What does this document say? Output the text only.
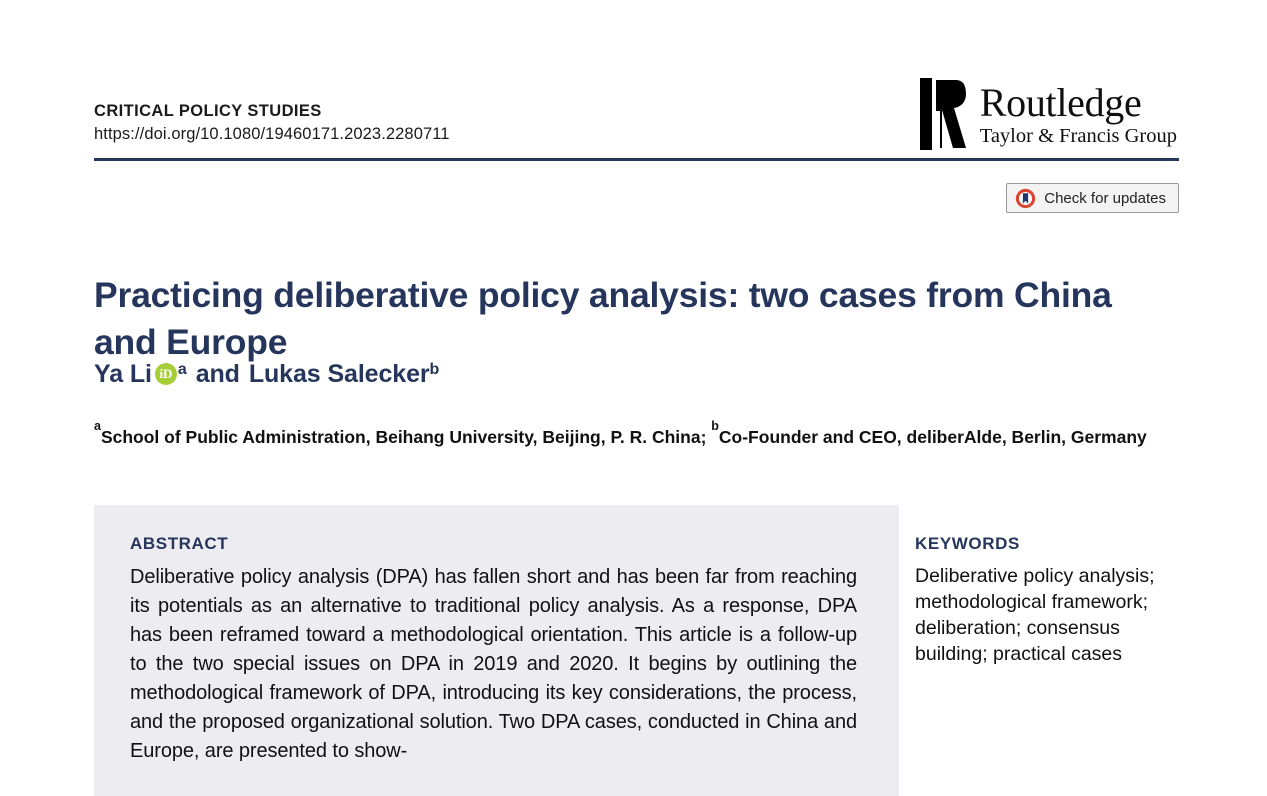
CRITICAL POLICY STUDIES
https://doi.org/10.1080/19460171.2023.2280711
Routledge
Taylor & Francis Group
Check for updates
Practicing deliberative policy analysis: two cases from China and Europe
Ya Li iD a and Lukas Salecker b
$^a$School of Public Administration, Beihang University, Beijing, P. R. China; $^b$Co-Founder and CEO, deliberAlde, Berlin, Germany
ABSTRACT
Deliberative policy analysis (DPA) has fallen short and has been far from reaching its potentials as an alternative to traditional policy analysis. As a response, DPA has been reframed toward a methodological orientation. This article is a follow-up to the two special issues on DPA in 2019 and 2020. It begins by outlining the methodological framework of DPA, introducing its key considerations, the process, and the proposed organizational solution. Two DPA cases, conducted in China and Europe, are presented to show-
KEYWORDS
Deliberative policy analysis; methodological framework; deliberation; consensus building; practical cases
